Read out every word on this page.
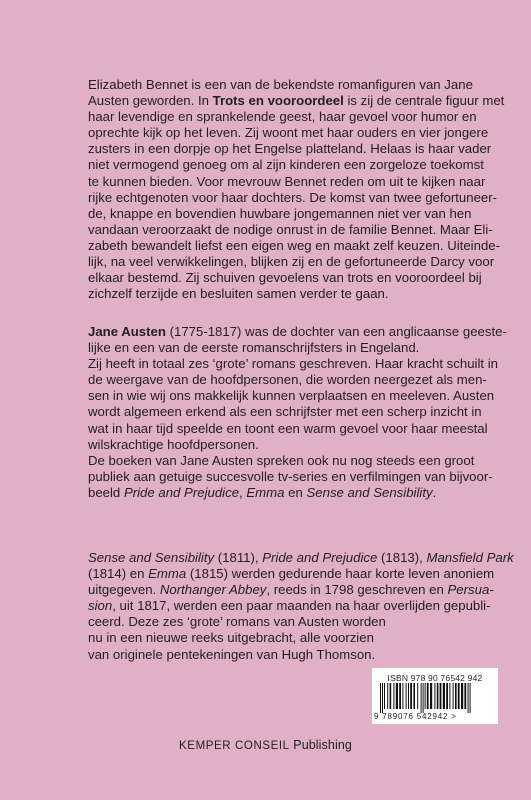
Elizabeth Bennet is een van de bekendste romanfiguren van Jane
Austen geworden. In Trots en vooroordeel is zij de centrale figuur met
haar levendige en sprankelende geest, haar gevoel voor humor en
oprechte kijk op het leven. Zij woont met haar ouders en vier jongere
zusters in een dorpje op het Engelse platteland. Helaas is haar vader
niet vermogend genoeg om al zijn kinderen een zorgeloze toekomst
te kunnen bieden. Voor mevrouw Bennet reden om uit te kijken naar
rijke echtgenoten voor haar dochters. De komst van twee gefortuneer-
de, knappe en bovendien huwbare jongemannen niet ver van hen
vandaan veroorzaakt de nodige onrust in de familie Bennet. Maar Eli-
zabeth bewandelt liefst een eigen weg en maakt zelf keuzen. Uiteinde-
lijk, na veel verwikkelingen, blijken zij en de gefortuneerde Darcy voor
elkaar bestemd. Zij schuiven gevoelens van trots en vooroordeel bij
zichzelf terzijde en besluiten samen verder te gaan.
Jane Austen (1775-1817) was de dochter van een anglicaanse geeste-
lijke en een van de eerste romanschrijfsters in Engeland.
Zij heeft in totaal zes ‘grote’ romans geschreven. Haar kracht schuilt in
de weergave van de hoofdpersonen, die worden neergezet als men-
sen in wie wij ons makkelijk kunnen verplaatsen en meeleven. Austen
wordt algemeen erkend als een schrijfster met een scherp inzicht in
wat in haar tijd speelde en toont een warm gevoel voor haar meestal
wilskrachtige hoofdpersonen.
De boeken van Jane Austen spreken ook nu nog steeds een groot
publiek aan getuige succesvolle tv-series en verfilmingen van bijvoor-
beeld Pride and Prejudice, Emma en Sense and Sensibility.
Sense and Sensibility (1811), Pride and Prejudice (1813), Mansfield Park
(1814) en Emma (1815) werden gedurende haar korte leven anoniem
uitgegeven. Northanger Abbey, reeds in 1798 geschreven en Persua-
sion, uit 1817, werden een paar maanden na haar overlijden gepubli-
ceerd. Deze zes ‘grote’ romans van Austen worden
nu in een nieuwe reeks uitgebracht, alle voorzien
van originele pentekeningen van Hugh Thomson.
ISBN 978 90 76542 942
9 789076 542942 >
KEMPER CONSEIL Publishing
